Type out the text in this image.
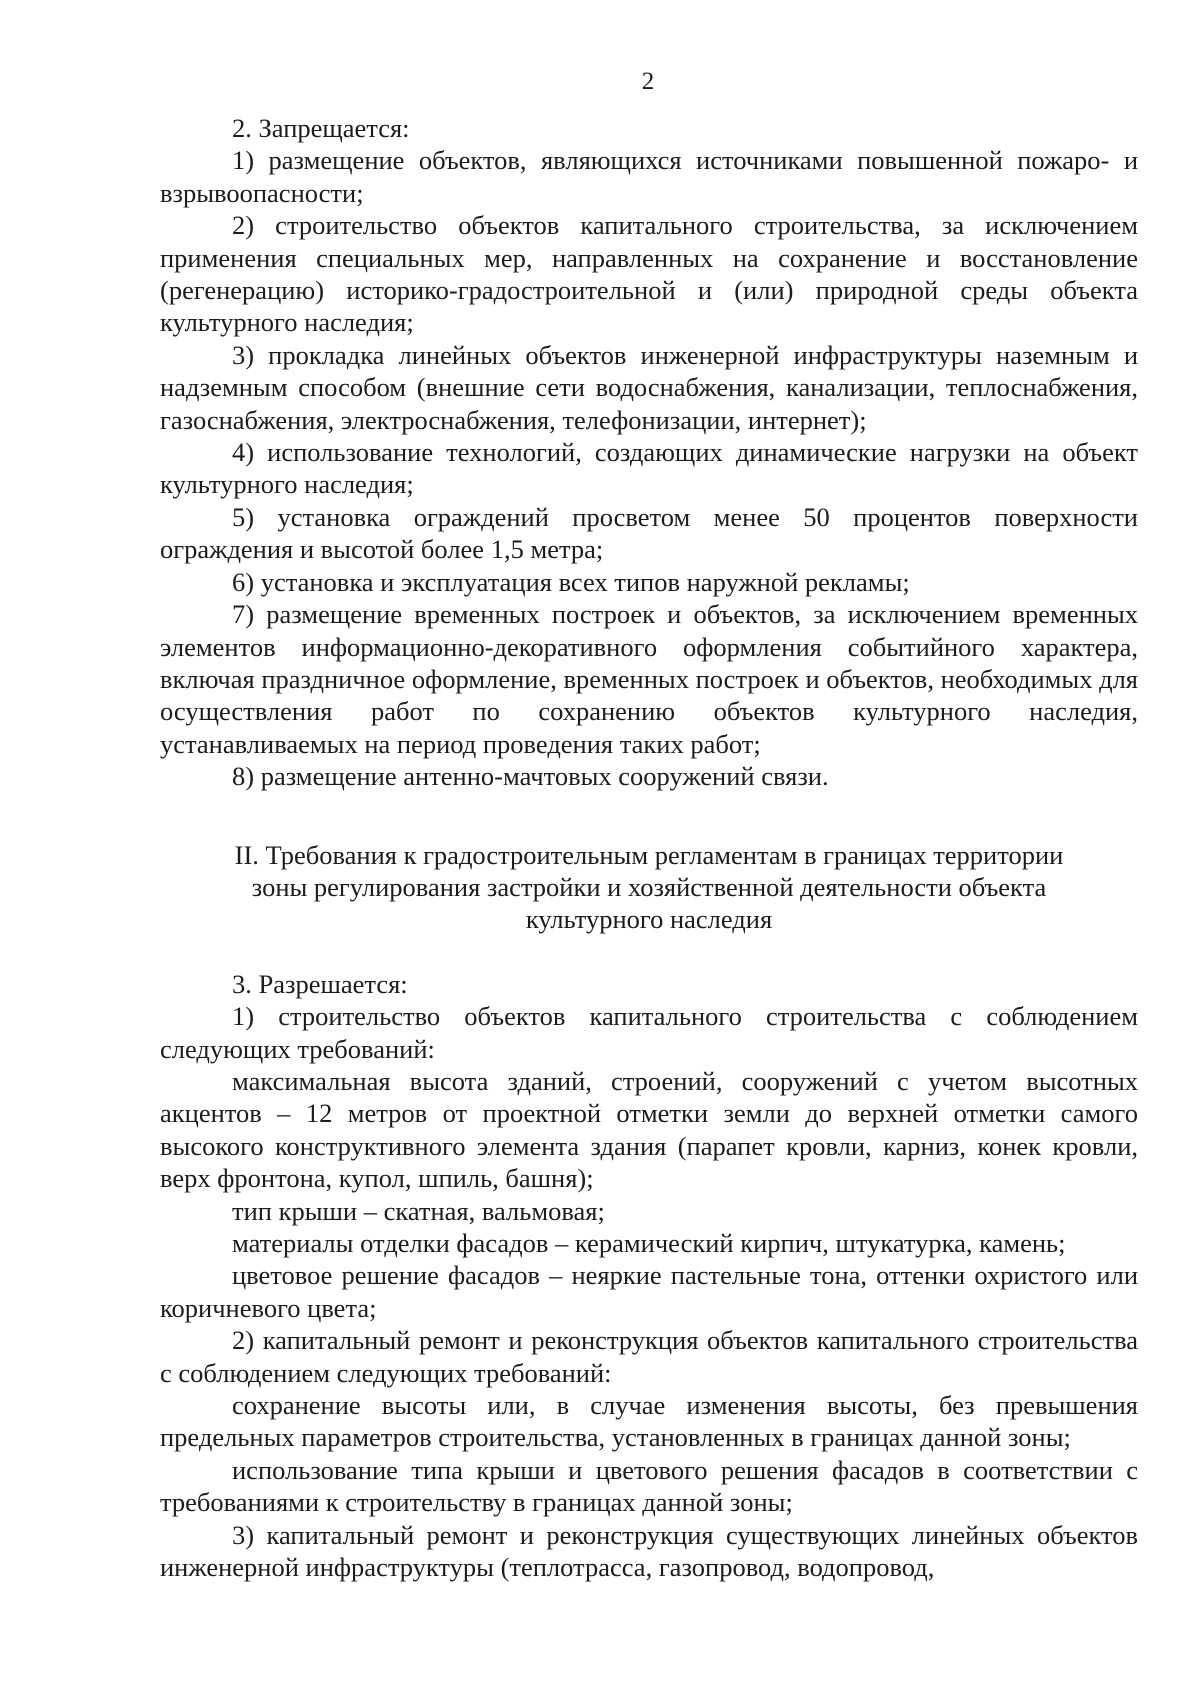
2

2. Запрещается:

1) размещение объектов, являющихся источниками повышенной пожаро- и взрывоопасности;

2) строительство объектов капитального строительства, за исключением применения специальных мер, направленных на сохранение и восстановление (регенерацию) историко-градостроительной и (или) природной среды объекта культурного наследия;

3) прокладка линейных объектов инженерной инфраструктуры наземным и надземным способом (внешние сети водоснабжения, канализации, теплоснабжения, газоснабжения, электроснабжения, телефонизации, интернет);

4) использование технологий, создающих динамические нагрузки на объект культурного наследия;

5) установка ограждений просветом менее 50 процентов поверхности ограждения и высотой более 1,5 метра;

6) установка и эксплуатация всех типов наружной рекламы;

7) размещение временных построек и объектов, за исключением временных элементов информационно-декоративного оформления событийного характера, включая праздничное оформление, временных построек и объектов, необходимых для осуществления работ по сохранению объектов культурного наследия, устанавливаемых на период проведения таких работ;

8) размещение антенно-мачтовых сооружений связи.

II. Требования к градостроительным регламентам в границах территории
зоны регулирования застройки и хозяйственной деятельности объекта
культурного наследия

3. Разрешается:

1) строительство объектов капитального строительства с соблюдением следующих требований:

максимальная высота зданий, строений, сооружений с учетом высотных акцентов – 12 метров от проектной отметки земли до верхней отметки самого высокого конструктивного элемента здания (парапет кровли, карниз, конек кровли, верх фронтона, купол, шпиль, башня);

тип крыши – скатная, вальмовая;

материалы отделки фасадов – керамический кирпич, штукатурка, камень;

цветовое решение фасадов – неяркие пастельные тона, оттенки охристого или коричневого цвета;

2) капитальный ремонт и реконструкция объектов капитального строительства с соблюдением следующих требований:

сохранение высоты или, в случае изменения высоты, без превышения предельных параметров строительства, установленных в границах данной зоны;

использование типа крыши и цветового решения фасадов в соответствии с требованиями к строительству в границах данной зоны;

3) капитальный ремонт и реконструкция существующих линейных объектов инженерной инфраструктуры (теплотрасса, газопровод, водопровод,
